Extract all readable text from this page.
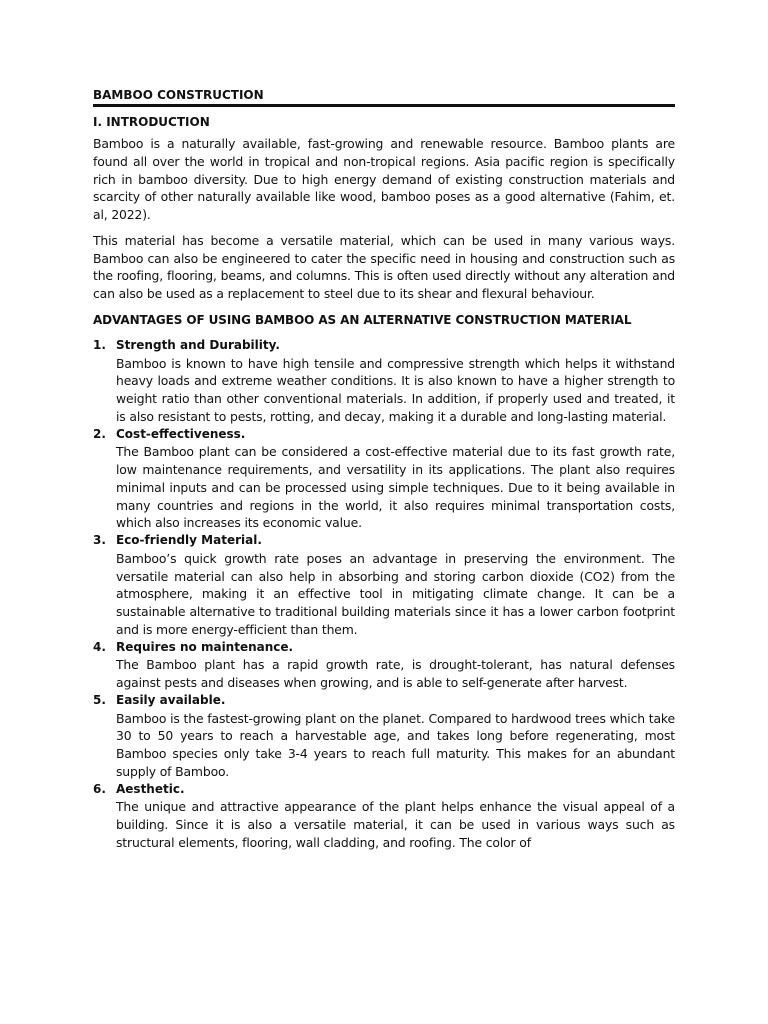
BAMBOO CONSTRUCTION
I. INTRODUCTION

Bamboo is a naturally available, fast-growing and renewable resource. Bamboo plants are found all over the world in tropical and non-tropical regions. Asia pacific region is specifically rich in bamboo diversity. Due to high energy demand of existing construction materials and scarcity of other naturally available like wood, bamboo poses as a good alternative (Fahim, et. al, 2022).

This material has become a versatile material, which can be used in many various ways. Bamboo can also be engineered to cater the specific need in housing and construction such as the roofing, flooring, beams, and columns. This is often used directly without any alteration and can also be used as a replacement to steel due to its shear and flexural behaviour.

ADVANTAGES OF USING BAMBOO AS AN ALTERNATIVE CONSTRUCTION MATERIAL
1. Strength and Durability.

Bamboo is known to have high tensile and compressive strength which helps it withstand heavy loads and extreme weather conditions. It is also known to have a higher strength to weight ratio than other conventional materials. In addition, if properly used and treated, it is also resistant to pests, rotting, and decay, making it a durable and long-lasting material.

2. Cost-effectiveness.

The Bamboo plant can be considered a cost-effective material due to its fast growth rate, low maintenance requirements, and versatility in its applications. The plant also requires minimal inputs and can be processed using simple techniques. Due to it being available in many countries and regions in the world, it also requires minimal transportation costs, which also increases its economic value.

3. Eco-friendly Material.

Bamboo’s quick growth rate poses an advantage in preserving the environment. The versatile material can also help in absorbing and storing carbon dioxide (CO2) from the atmosphere, making it an effective tool in mitigating climate change. It can be a sustainable alternative to traditional building materials since it has a lower carbon footprint and is more energy-efficient than them.

4. Requires no maintenance.

The Bamboo plant has a rapid growth rate, is drought-tolerant, has natural defenses against pests and diseases when growing, and is able to self-generate after harvest.

5. Easily available.

Bamboo is the fastest-growing plant on the planet. Compared to hardwood trees which take 30 to 50 years to reach a harvestable age, and takes long before regenerating, most Bamboo species only take 3-4 years to reach full maturity. This makes for an abundant supply of Bamboo.

6. Aesthetic.

The unique and attractive appearance of the plant helps enhance the visual appeal of a building. Since it is also a versatile material, it can be used in various ways such as structural elements, flooring, wall cladding, and roofing. The color of
